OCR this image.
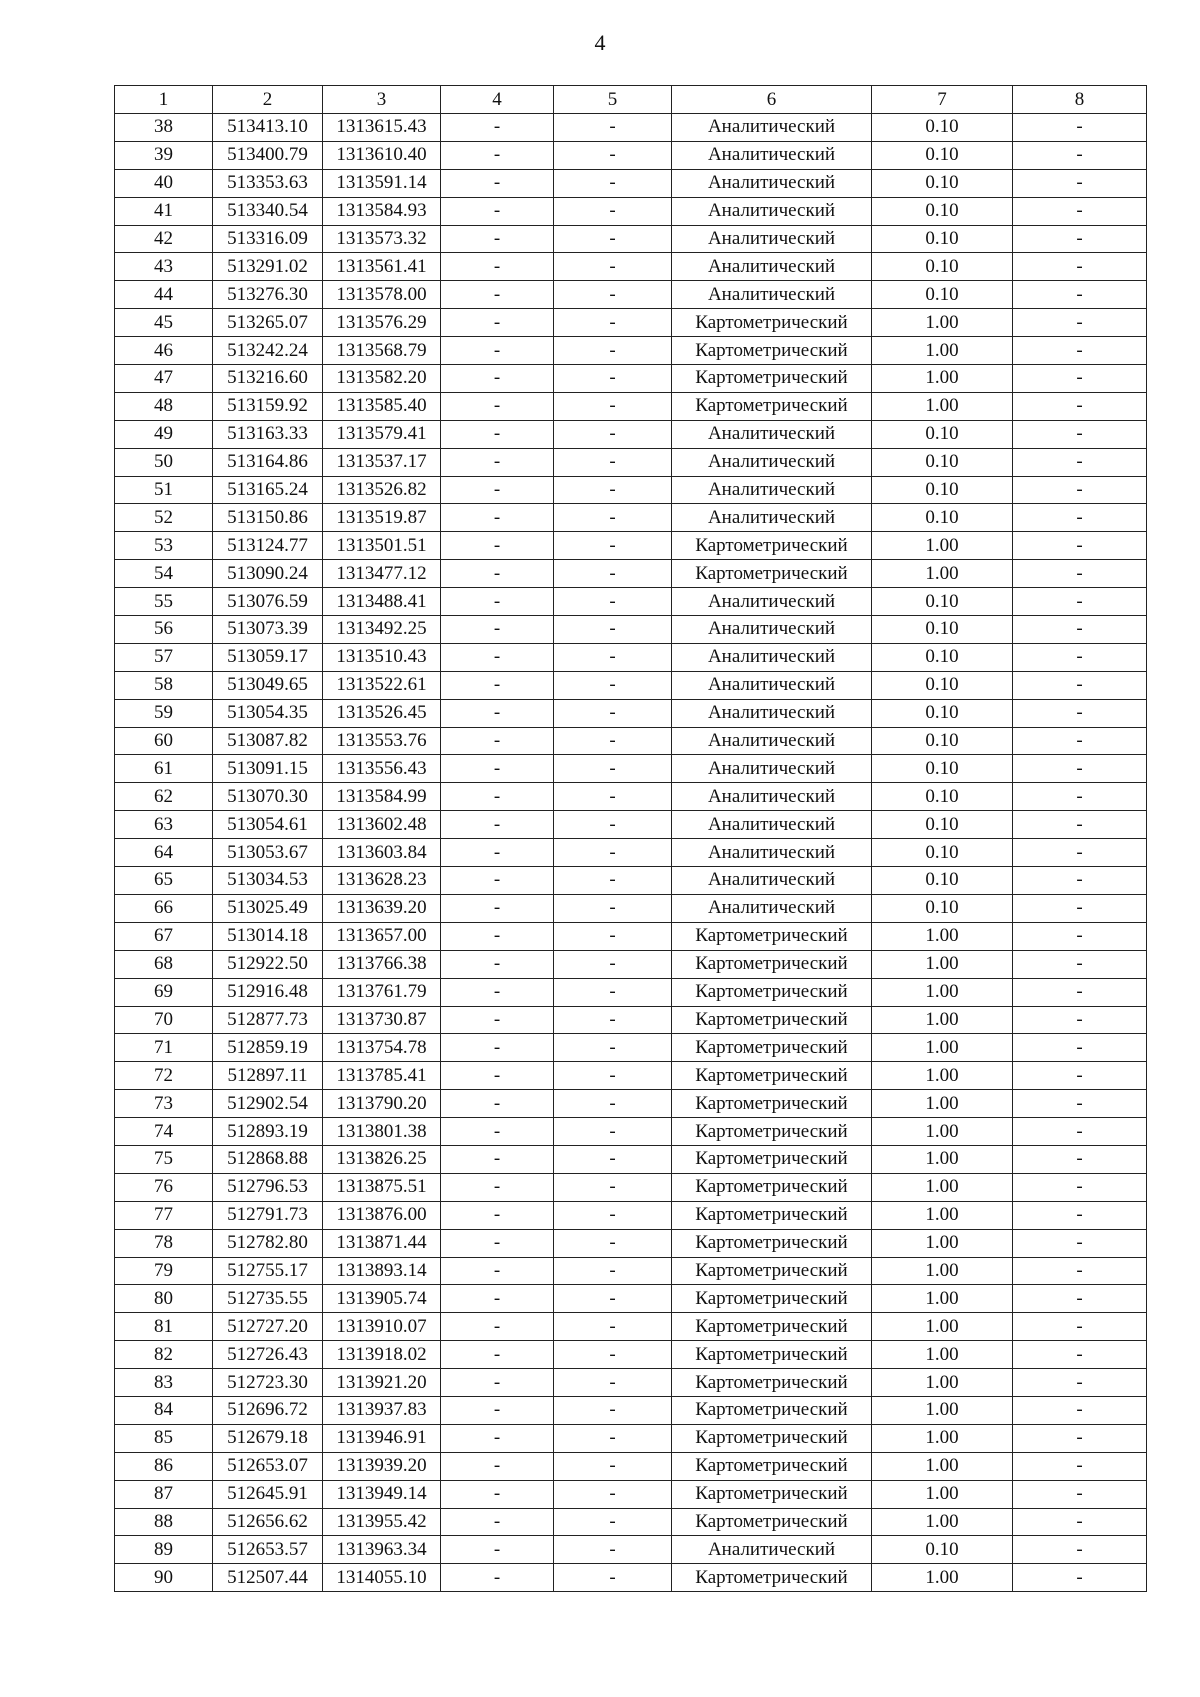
4
1	2	3	4	5	6	7	8
38	513413.10	1313615.43	-	-	Аналитический	0.10	-
39	513400.79	1313610.40	-	-	Аналитический	0.10	-
40	513353.63	1313591.14	-	-	Аналитический	0.10	-
41	513340.54	1313584.93	-	-	Аналитический	0.10	-
42	513316.09	1313573.32	-	-	Аналитический	0.10	-
43	513291.02	1313561.41	-	-	Аналитический	0.10	-
44	513276.30	1313578.00	-	-	Аналитический	0.10	-
45	513265.07	1313576.29	-	-	Картометрический	1.00	-
46	513242.24	1313568.79	-	-	Картометрический	1.00	-
47	513216.60	1313582.20	-	-	Картометрический	1.00	-
48	513159.92	1313585.40	-	-	Картометрический	1.00	-
49	513163.33	1313579.41	-	-	Аналитический	0.10	-
50	513164.86	1313537.17	-	-	Аналитический	0.10	-
51	513165.24	1313526.82	-	-	Аналитический	0.10	-
52	513150.86	1313519.87	-	-	Аналитический	0.10	-
53	513124.77	1313501.51	-	-	Картометрический	1.00	-
54	513090.24	1313477.12	-	-	Картометрический	1.00	-
55	513076.59	1313488.41	-	-	Аналитический	0.10	-
56	513073.39	1313492.25	-	-	Аналитический	0.10	-
57	513059.17	1313510.43	-	-	Аналитический	0.10	-
58	513049.65	1313522.61	-	-	Аналитический	0.10	-
59	513054.35	1313526.45	-	-	Аналитический	0.10	-
60	513087.82	1313553.76	-	-	Аналитический	0.10	-
61	513091.15	1313556.43	-	-	Аналитический	0.10	-
62	513070.30	1313584.99	-	-	Аналитический	0.10	-
63	513054.61	1313602.48	-	-	Аналитический	0.10	-
64	513053.67	1313603.84	-	-	Аналитический	0.10	-
65	513034.53	1313628.23	-	-	Аналитический	0.10	-
66	513025.49	1313639.20	-	-	Аналитический	0.10	-
67	513014.18	1313657.00	-	-	Картометрический	1.00	-
68	512922.50	1313766.38	-	-	Картометрический	1.00	-
69	512916.48	1313761.79	-	-	Картометрический	1.00	-
70	512877.73	1313730.87	-	-	Картометрический	1.00	-
71	512859.19	1313754.78	-	-	Картометрический	1.00	-
72	512897.11	1313785.41	-	-	Картометрический	1.00	-
73	512902.54	1313790.20	-	-	Картометрический	1.00	-
74	512893.19	1313801.38	-	-	Картометрический	1.00	-
75	512868.88	1313826.25	-	-	Картометрический	1.00	-
76	512796.53	1313875.51	-	-	Картометрический	1.00	-
77	512791.73	1313876.00	-	-	Картометрический	1.00	-
78	512782.80	1313871.44	-	-	Картометрический	1.00	-
79	512755.17	1313893.14	-	-	Картометрический	1.00	-
80	512735.55	1313905.74	-	-	Картометрический	1.00	-
81	512727.20	1313910.07	-	-	Картометрический	1.00	-
82	512726.43	1313918.02	-	-	Картометрический	1.00	-
83	512723.30	1313921.20	-	-	Картометрический	1.00	-
84	512696.72	1313937.83	-	-	Картометрический	1.00	-
85	512679.18	1313946.91	-	-	Картометрический	1.00	-
86	512653.07	1313939.20	-	-	Картометрический	1.00	-
87	512645.91	1313949.14	-	-	Картометрический	1.00	-
88	512656.62	1313955.42	-	-	Картометрический	1.00	-
89	512653.57	1313963.34	-	-	Аналитический	0.10	-
90	512507.44	1314055.10	-	-	Картометрический	1.00	-
